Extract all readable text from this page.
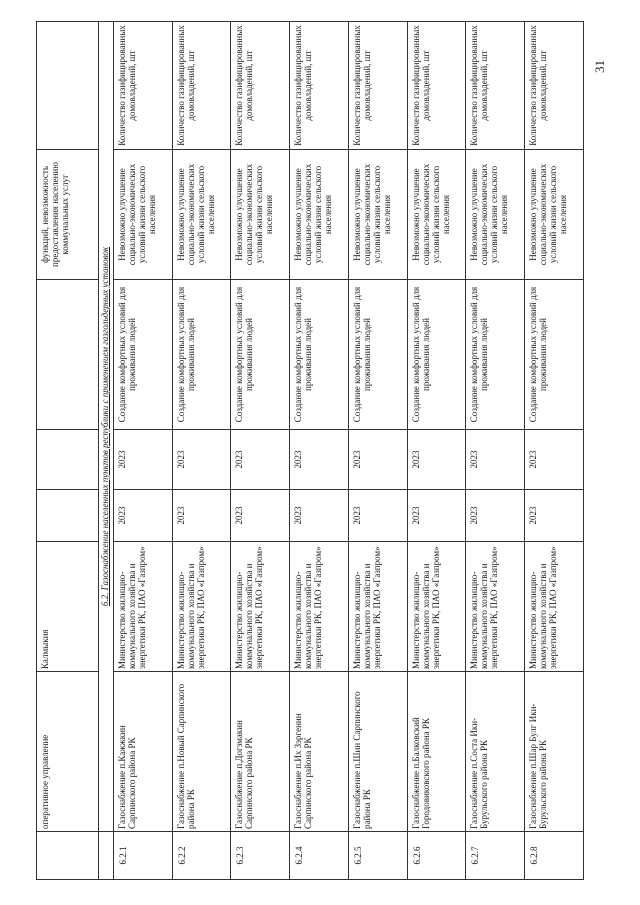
31
	оперативное управление	Калмыкия				функций, невозможность предоставления населению коммунальных услуг	
	6.2. Газоснабжение населенных пунктов республики с применением газгольдерных установок						
6.2.1	Газоснабжение п.Кажжкин Сарпинского района РК	Министерство жилищно-коммунального хозяйства и энергетики РК, ПАО «Газпром»	2023	2023	Создание комфортных условий для проживания людей	Невозможно улучшение социально-экономических условий жизни сельского населения	Количество газифицированных домовладений, шт
6.2.2	Газоснабжение п.Новый Сарпинского района РК	Министерство жилищно-коммунального хозяйства и энергетики РК, ПАО «Газпром»	2023	2023	Создание комфортных условий для проживания людей	Невозможно улучшение социально-экономических условий жизни сельского населения	Количество газифицированных домовладений, шт
6.2.3	Газоснабжение п.Догзмакин Сарпинского района РК	Министерство жилищно-коммунального хозяйства и энергетики РК, ПАО «Газпром»	2023	2023	Создание комфортных условий для проживания людей	Невозможно улучшение социально-экономических условий жизни сельского населения	Количество газифицированных домовладений, шт
6.2.4	Газоснабжение п.Их Зэргенин Сарпинского района РК	Министерство жилищно-коммунального хозяйства и энергетики РК, ПАО «Газпром»	2023	2023	Создание комфортных условий для проживания людей	Невозможно улучшение социально-экономических условий жизни сельского населения	Количество газифицированных домовладений, шт
6.2.5	Газоснабжение п.Шин Сарпинского района РК	Министерство жилищно-коммунального хозяйства и энергетики РК, ПАО «Газпром»	2023	2023	Создание комфортных условий для проживания людей	Невозможно улучшение социально-экономических условий жизни сельского населения	Количество газифицированных домовладений, шт
6.2.6	Газоснабжение п.Балковский Городовиковского района РК	Министерство жилищно-коммунального хозяйства и энергетики РК, ПАО «Газпром»	2023	2023	Создание комфортных условий для проживания людей	Невозможно улучшение социально-экономических условий жизни сельского населения	Количество газифицированных домовладений, шт
6.2.7	Газоснабжение п.Соста Ики-Бурульского района РК	Министерство жилищно-коммунального хозяйства и энергетики РК, ПАО «Газпром»	2023	2023	Создание комфортных условий для проживания людей	Невозможно улучшение социально-экономических условий жизни сельского населения	Количество газифицированных домовладений, шт
6.2.8	Газоснабжение п.Шар Булг Ики-Бурульского района РК	Министерство жилищно-коммунального хозяйства и энергетики РК, ПАО «Газпром»	2023	2023	Создание комфортных условий для проживания людей	Невозможно улучшение социально-экономических условий жизни сельского населения	Количество газифицированных домовладений, шт
